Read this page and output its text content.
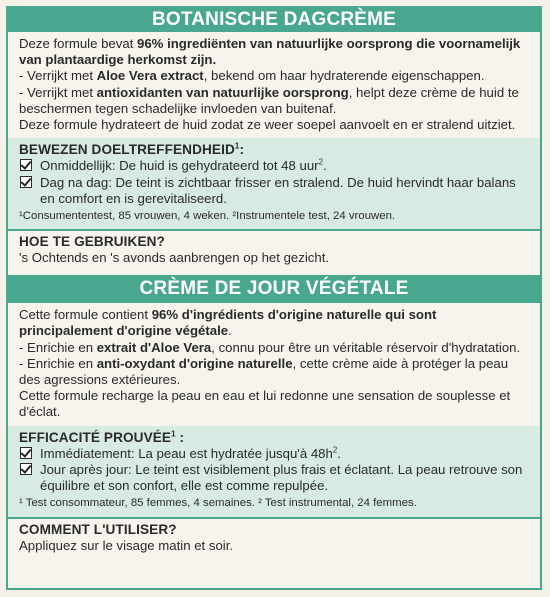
BOTANISCHE DAGCRÈME

Deze formule bevat 96% ingrediënten van natuurlijke oorsprong die voornamelijk van plantaardige herkomst zijn.

- Verrijkt met Aloe Vera extract, bekend om haar hydraterende eigenschappen.

- Verrijkt met antioxidanten van natuurlijke oorsprong, helpt deze crème de huid te beschermen tegen schadelijke invloeden van buitenaf.

Deze formule hydrateert de huid zodat ze weer soepel aanvoelt en er stralend uitziet.

BEWEZEN DOELTREFFENDHEID$^1$:
Onmiddellijk: De huid is gehydrateerd tot 48 uur$^2$.
Dag na dag: De teint is zichtbaar frisser en stralend. De huid hervindt haar balans en comfort en is gerevitaliseerd.
¹Consumententest, 85 vrouwen, 4 weken. ²Instrumentele test, 24 vrouwen.
HOE TE GEBRUIKEN?
's Ochtends en 's avonds aanbrengen op het gezicht.
CRÈME DE JOUR VÉGÉTALE

Cette formule contient 96% d'ingrédients d'origine naturelle qui sont principalement d'origine végétale.

- Enrichie en extrait d'Aloe Vera, connu pour être un véritable réservoir d'hydratation.

- Enrichie en anti-oxydant d'origine naturelle, cette crème aide à protéger la peau des agressions extérieures.

Cette formule recharge la peau en eau et lui redonne une sensation de souplesse et d'éclat.

EFFICACITÉ PROUVÉE$^1$ :
Immédiatement: La peau est hydratée jusqu'à $48h^2$.
Jour après jour: Le teint est visiblement plus frais et éclatant. La peau retrouve son équilibre et son confort, elle est comme repulpée.
¹ Test consommateur, 85 femmes, 4 semaines. ² Test instrumental, 24 femmes.
COMMENT L'UTILISER?
Appliquez sur le visage matin et soir.
